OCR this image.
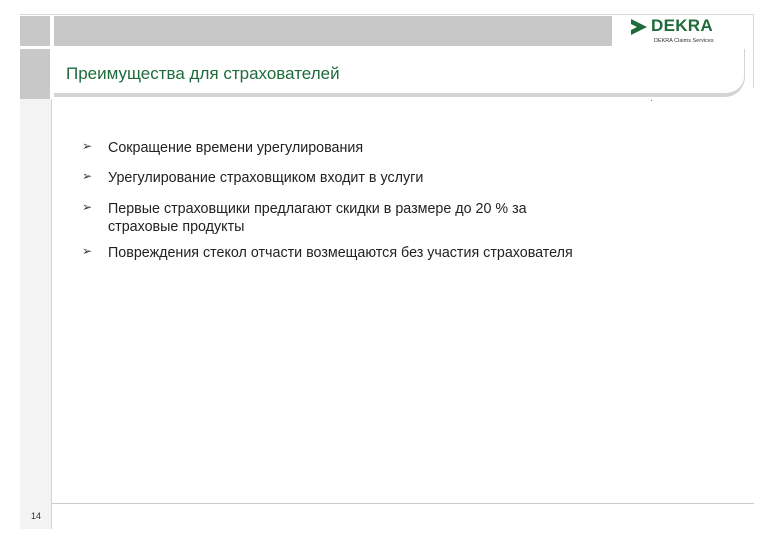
DEKRA
DEKRA Claims Services
Преимущества для страхователей
➢ Сокращение времени урегулирования
➢ Урегулирование страховщиком входит в услуги
➢ Первые страховщики предлагают скидки в размере до 20 % за страховые продукты
➢ Повреждения стекол отчасти возмещаются без участия страхователя
14
